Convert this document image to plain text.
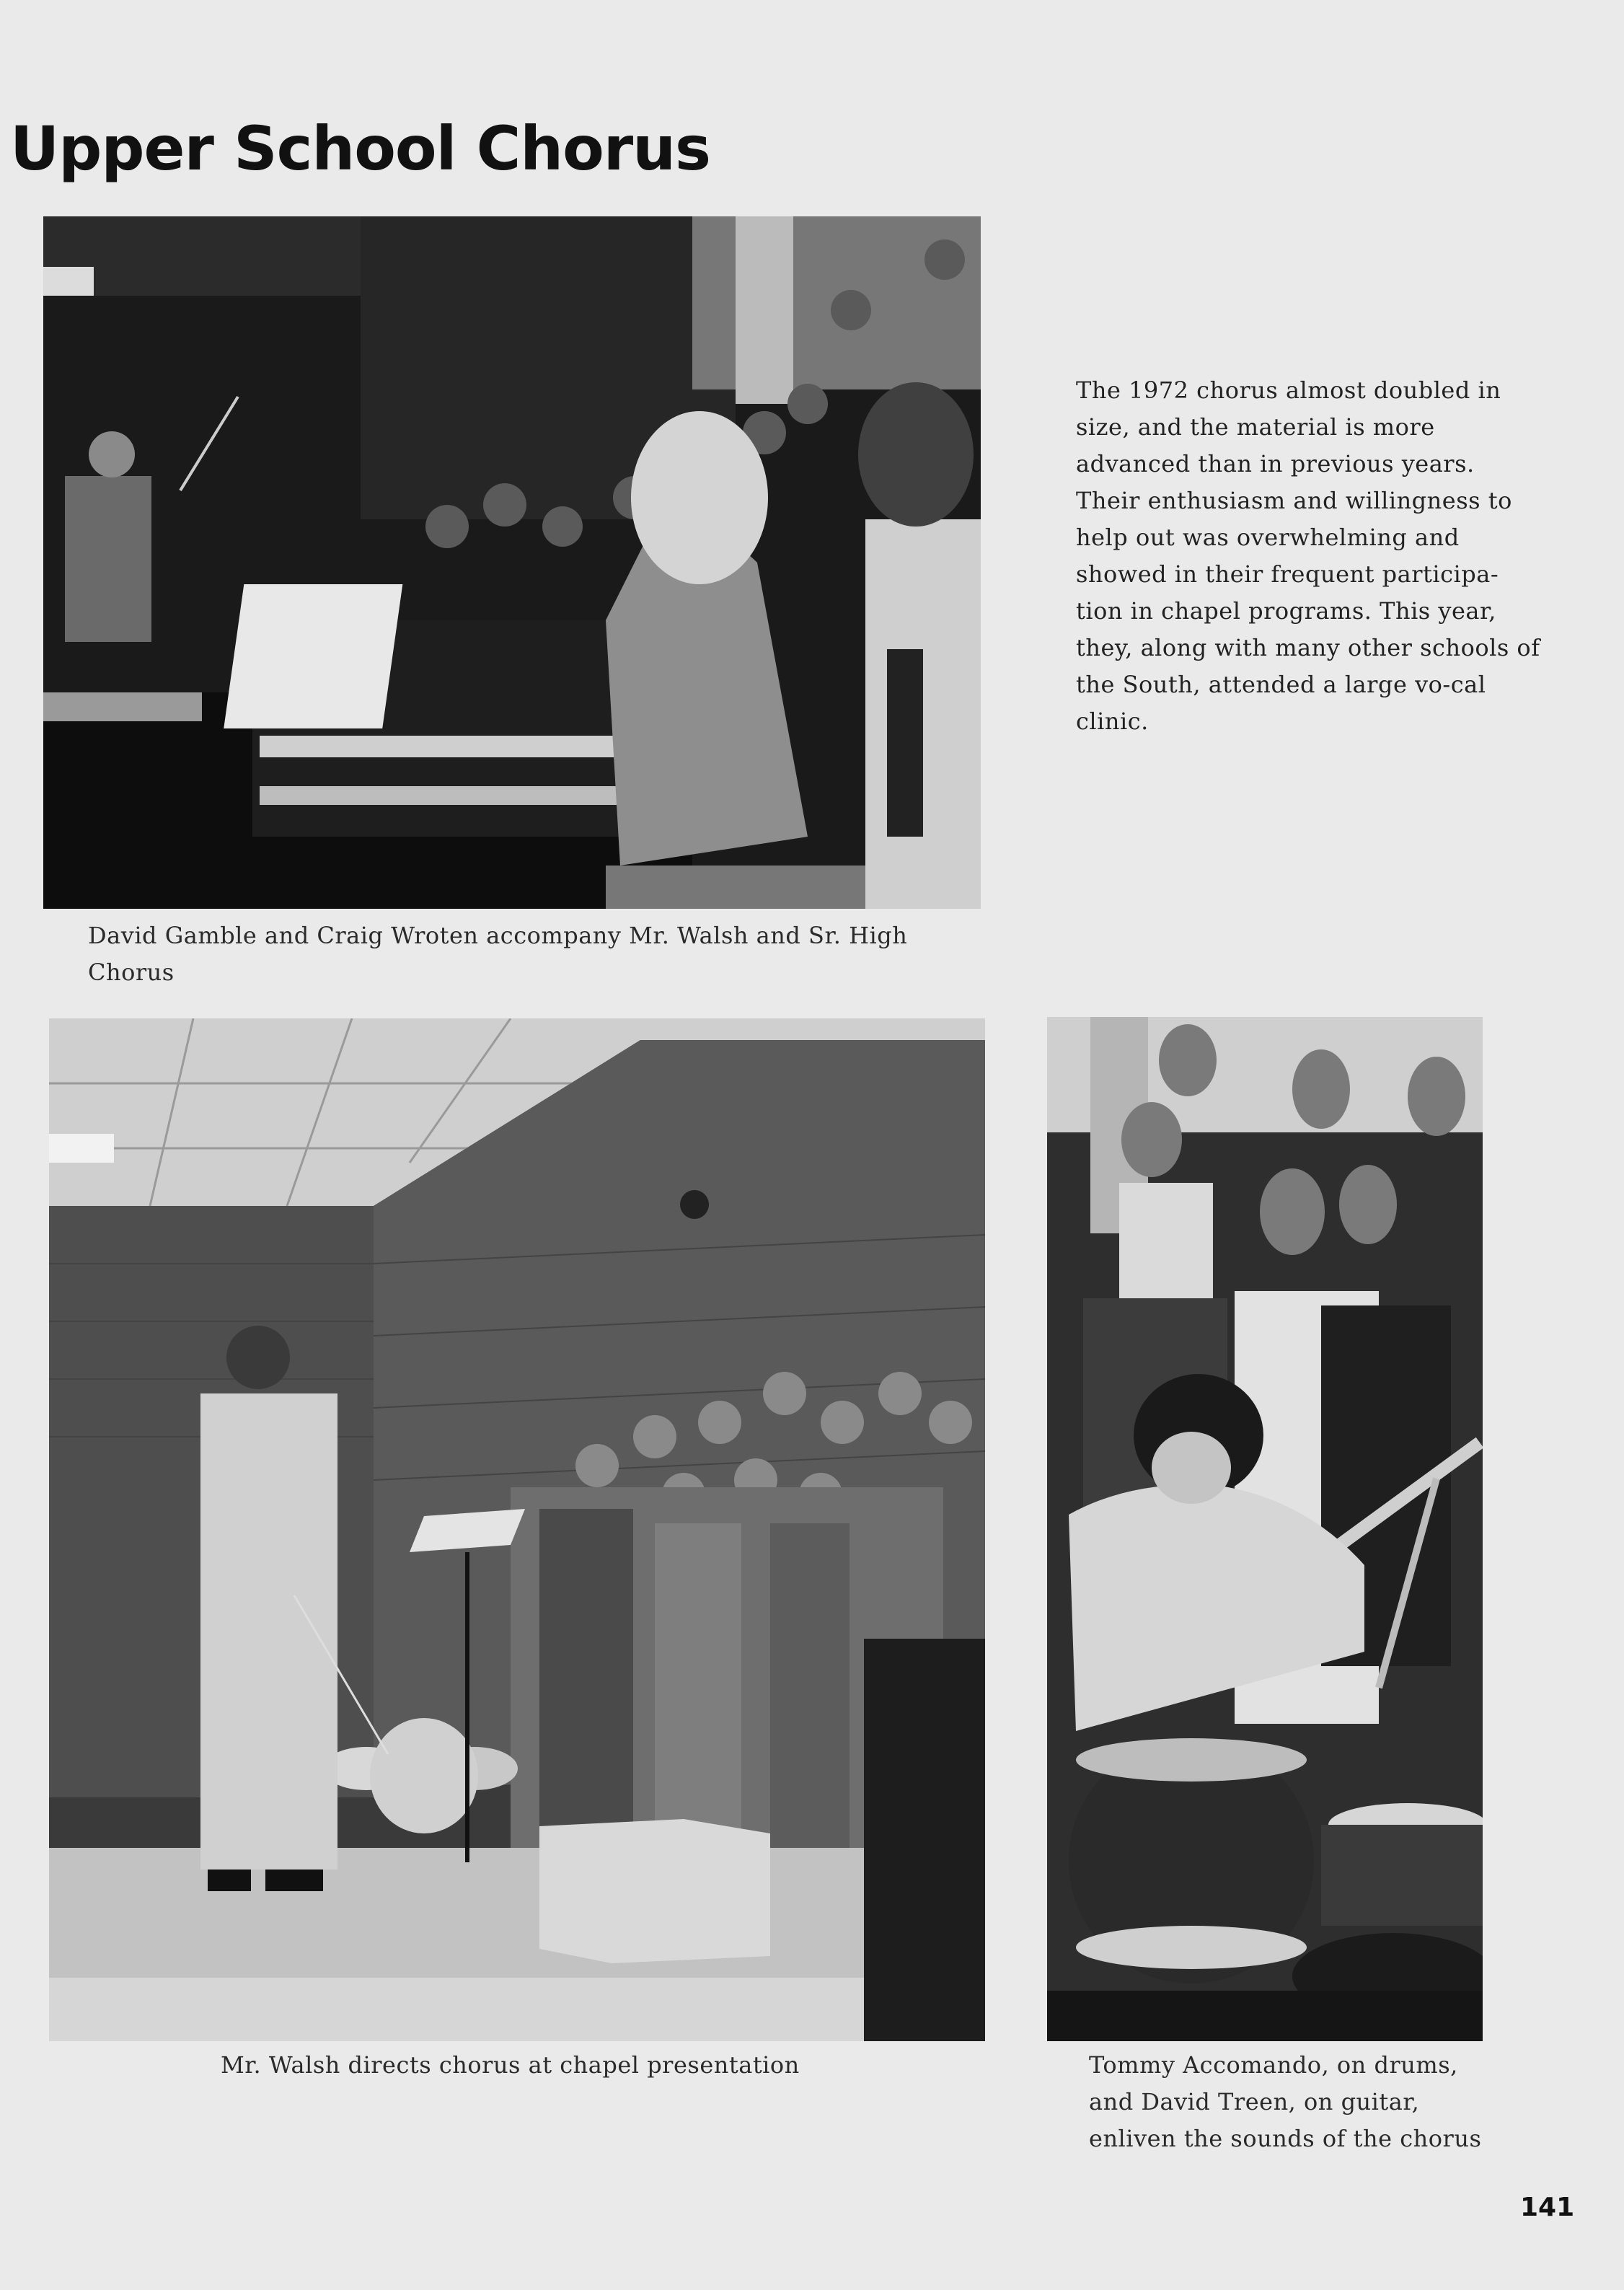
Upper School Chorus

David Gamble and Craig Wroten accompany Mr. Walsh and Sr. High Chorus

The 1972 chorus almost doubled in size, and the material is more advanced than in previous years. Their enthusiasm and willingness to help out was overwhelming and showed in their frequent participa-tion in chapel programs. This year, they, along with many other schools of the South, attended a large vo-cal clinic.

Mr. Walsh directs chorus at chapel presentation	Tommy Accomando, on drums, and David Treen, on guitar, enliven the sounds of the chorus

141
